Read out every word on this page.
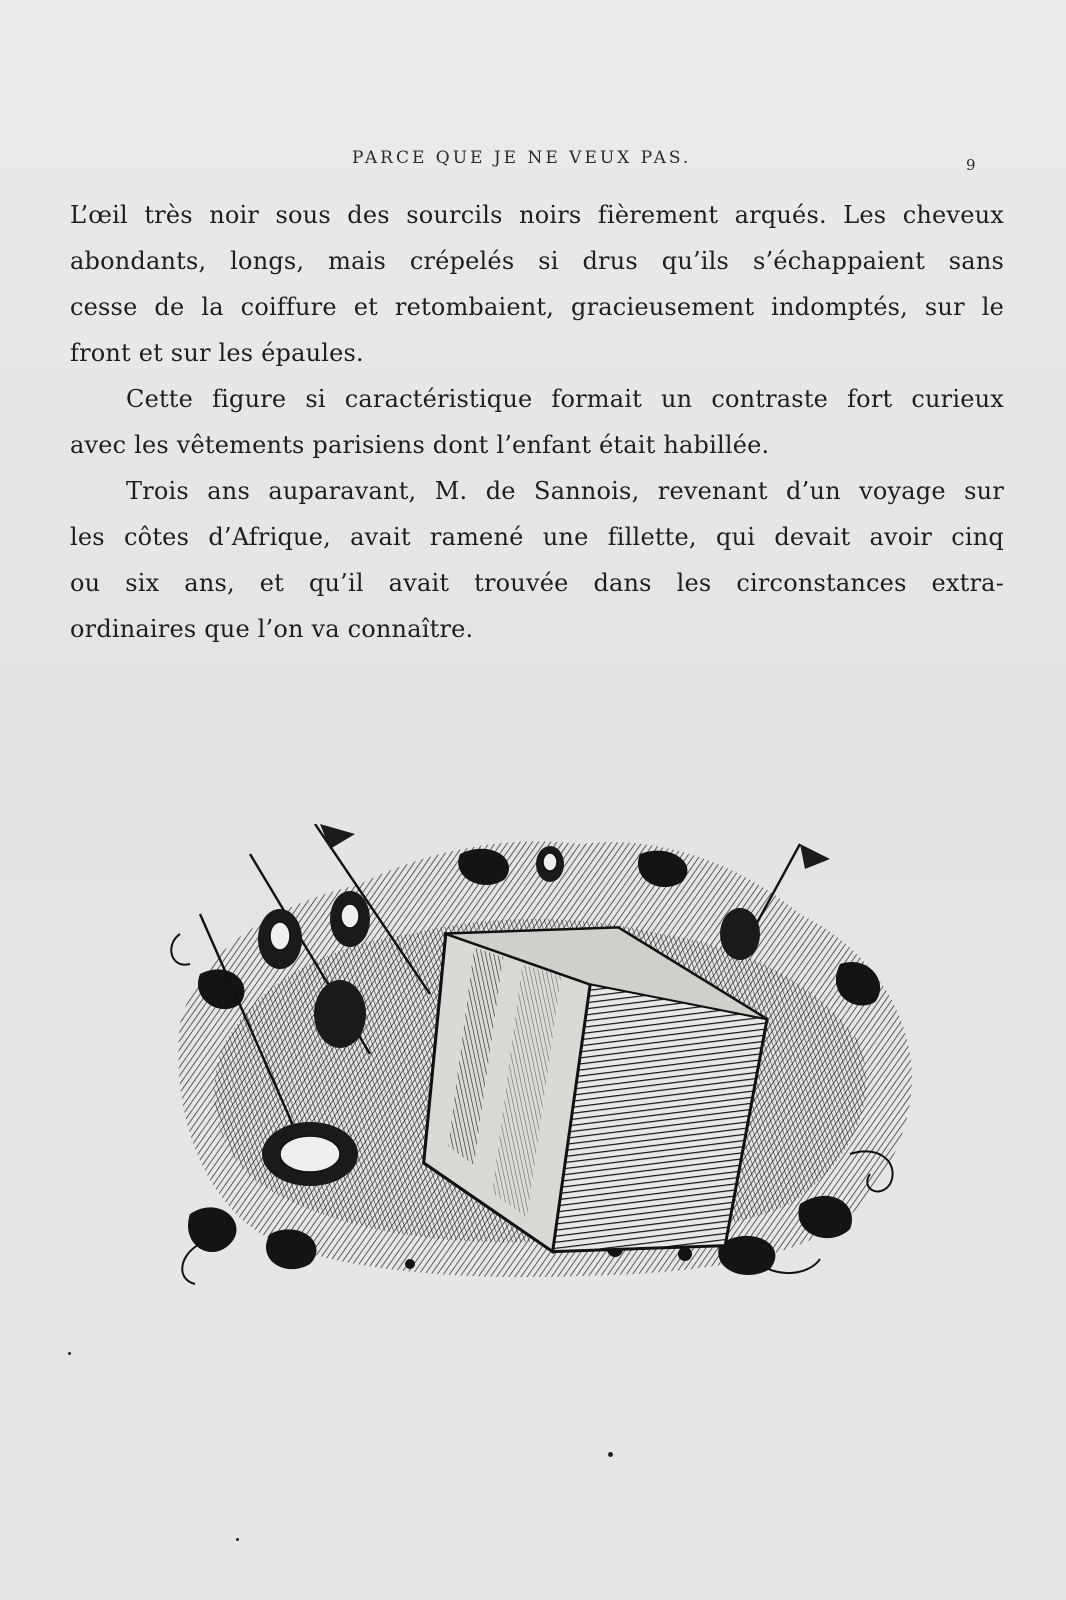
PARCE QUE JE NE VEUX PAS.	9
L’œil très noir sous des sourcils noirs fièrement arqués. Les cheveux
abondants, longs, mais crépelés si drus qu’ils s’échappaient sans
cesse de la coiffure et retombaient, gracieusement indomptés, sur le
front et sur les épaules.
Cette figure si caractéristique formait un contraste fort curieux
avec les vêtements parisiens dont l’enfant était habillée.
Trois ans auparavant, M. de Sannois, revenant d’un voyage sur
les côtes d’Afrique, avait ramené une fillette, qui devait avoir cinq
ou six ans, et qu’il avait trouvée dans les circonstances extra-
ordinaires que l’on va connaître.
